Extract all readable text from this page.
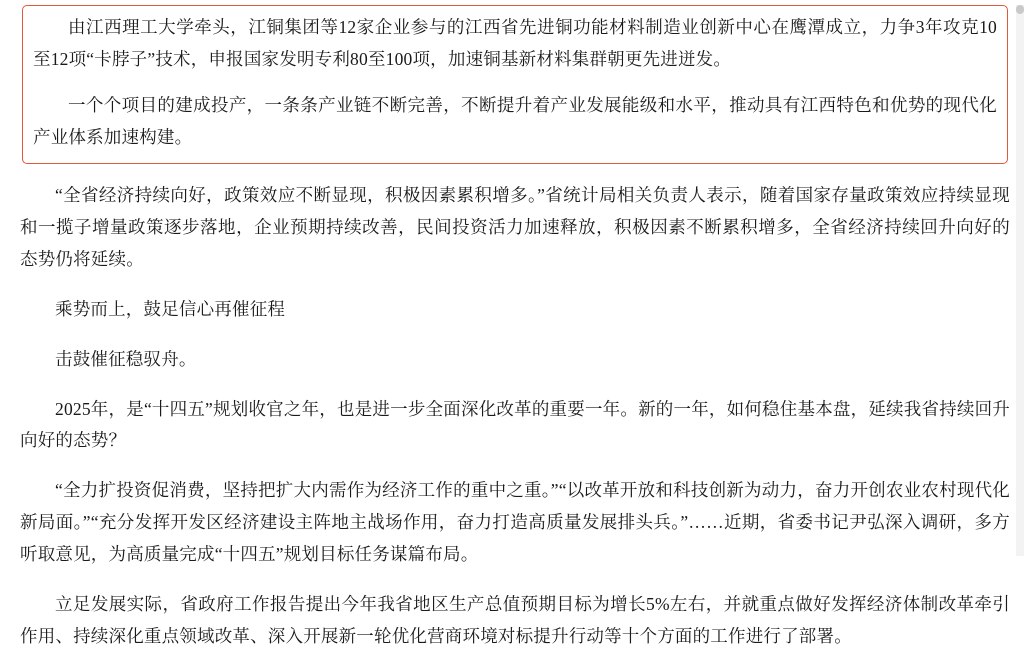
由江西理工大学牵头，江铜集团等12家企业参与的江西省先进铜功能材料制造业创新中心在鹰潭成立，力争3年攻克10至12项“卡脖子”技术，申报国家发明专利80至100项，加速铜基新材料集群朝更先进迸发。

一个个项目的建成投产，一条条产业链不断完善，不断提升着产业发展能级和水平，推动具有江西特色和优势的现代化产业体系加速构建。

“全省经济持续向好，政策效应不断显现，积极因素累积增多。”省统计局相关负责人表示，随着国家存量政策效应持续显现和一揽子增量政策逐步落地，企业预期持续改善，民间投资活力加速释放，积极因素不断累积增多，全省经济持续回升向好的态势仍将延续。

乘势而上，鼓足信心再催征程

击鼓催征稳驭舟。

2025年，是“十四五”规划收官之年，也是进一步全面深化改革的重要一年。新的一年，如何稳住基本盘，延续我省持续回升向好的态势？

“全力扩投资促消费，坚持把扩大内需作为经济工作的重中之重。”“以改革开放和科技创新为动力，奋力开创农业农村现代化新局面。”“充分发挥开发区经济建设主阵地主战场作用，奋力打造高质量发展排头兵。”……近期，省委书记尹弘深入调研，多方听取意见，为高质量完成“十四五”规划目标任务谋篇布局。

立足发展实际，省政府工作报告提出今年我省地区生产总值预期目标为增长5%左右，并就重点做好发挥经济体制改革牵引作用、持续深化重点领域改革、深入开展新一轮优化营商环境对标提升行动等十个方面的工作进行了部署。
